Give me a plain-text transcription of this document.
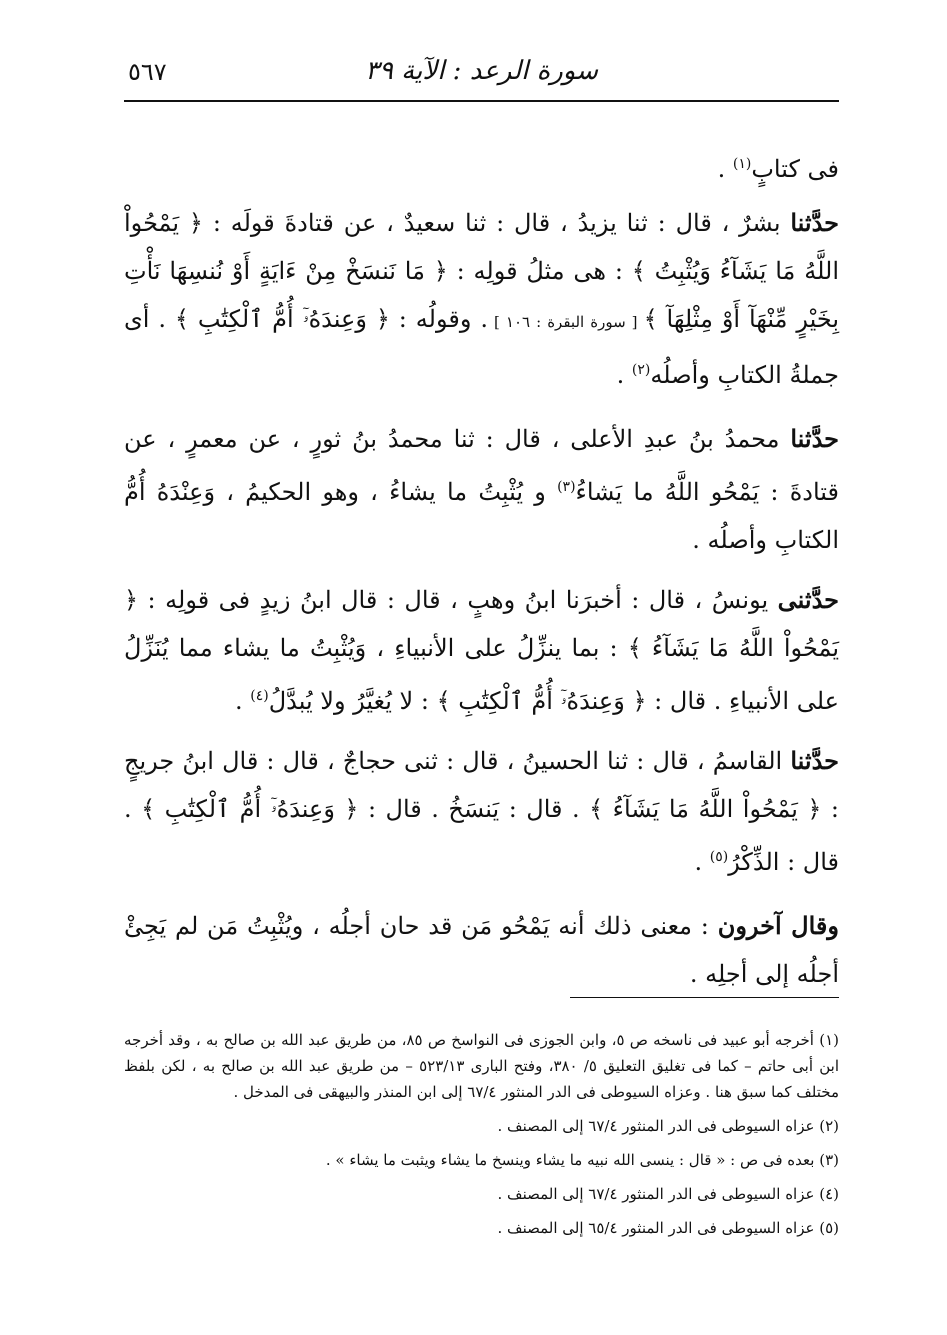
سورة الرعد : الآية ٣٩
٥٦٧

فى كتابٍ$^{(١)}$ .

حدَّثنا بشرٌ ، قال : ثنا يزيدُ ، قال : ثنا سعيدٌ ، عن قتادةَ قولَه : ﴿ يَمْحُواْ اللَّهُ مَا يَشَآءُ وَيُثْبِتُ ﴾ : هى مثلُ قولِه : ﴿ مَا نَنسَخْ مِنْ ءَايَةٍ أَوْ نُنسِهَا نَأْتِ بِخَيْرٍ مِّنْهَآ أَوْ مِثْلِهَآ ﴾ [ سورة البقرة : ١٠٦ ] . وقولُه : ﴿ وَعِندَهُۥٓ أُمُّ ٱلْكِتَٰبِ ﴾ . أى جملةُ الكتابِ وأصلُه$^{(٢)}$ .

حدَّثنا محمدُ بنُ عبدِ الأعلى ، قال : ثنا محمدُ بنُ ثورٍ ، عن معمرٍ ، عن قتادةَ : يَمْحُو اللَّهُ ما يَشاءُ$^{(٣)}$ و يُثْبِتُ ما يشاءُ ، وهو الحكيمُ ، وَعِنْدَهُ أُمُّ الكتابِ وأصلُه .

حدَّثنى يونسُ ، قال : أخبرَنا ابنُ وهبٍ ، قال : قال ابنُ زيدٍ فى قولِه : ﴿ يَمْحُواْ اللَّهُ مَا يَشَآءُ ﴾ : بما ينزِّلُ على الأنبياءِ ، وَيُثْبِتُ ما يشاء مما يُنَزِّلُ على الأنبياءِ . قال : ﴿ وَعِندَهُۥٓ أُمُّ ٱلْكِتَٰبِ ﴾ : لا يُغيَّرُ ولا يُبدَّلُ$^{(٤)}$ .

حدَّثنا القاسمُ ، قال : ثنا الحسينُ ، قال : ثنى حجاجٌ ، قال : قال ابنُ جريجٍ : ﴿ يَمْحُواْ اللَّهُ مَا يَشَآءُ ﴾ . قال : يَنسَخُ . قال : ﴿ وَعِندَهُۥٓ أُمُّ ٱلْكِتَٰبِ ﴾ . قال : الذِّكْرُ$^{(٥)}$ .

وقال آخرون : معنى ذلك أنه يَمْحُو مَن قد حان أجلُه ، ويُثْبِتُ مَن لم يَجِئْ أجلُه إلى أجلِه .

(١) أخرجه أبو عبيد فى ناسخه ص ٥، وابن الجوزى فى النواسخ ص ٨٥، من طريق عبد الله بن صالح به ، وقد أخرجه ابن أبى حاتم – كما فى تغليق التعليق ٥/ ٣٨٠، وفتح البارى ٥٢٣/١٣ – من طريق عبد الله بن صالح به ، لكن بلفظ مختلف كما سبق هنا . وعزاه السيوطى فى الدر المنثور ٦٧/٤ إلى ابن المنذر والبيهقى فى المدخل .

(٢) عزاه السيوطى فى الدر المنثور ٦٧/٤ إلى المصنف .

(٣) بعده فى ص : « قال : ينسى الله نبيه ما يشاء وينسخ ما يشاء ويثبت ما يشاء » .

(٤) عزاه السيوطى فى الدر المنثور ٦٧/٤ إلى المصنف .

(٥) عزاه السيوطى فى الدر المنثور ٦٥/٤ إلى المصنف .
